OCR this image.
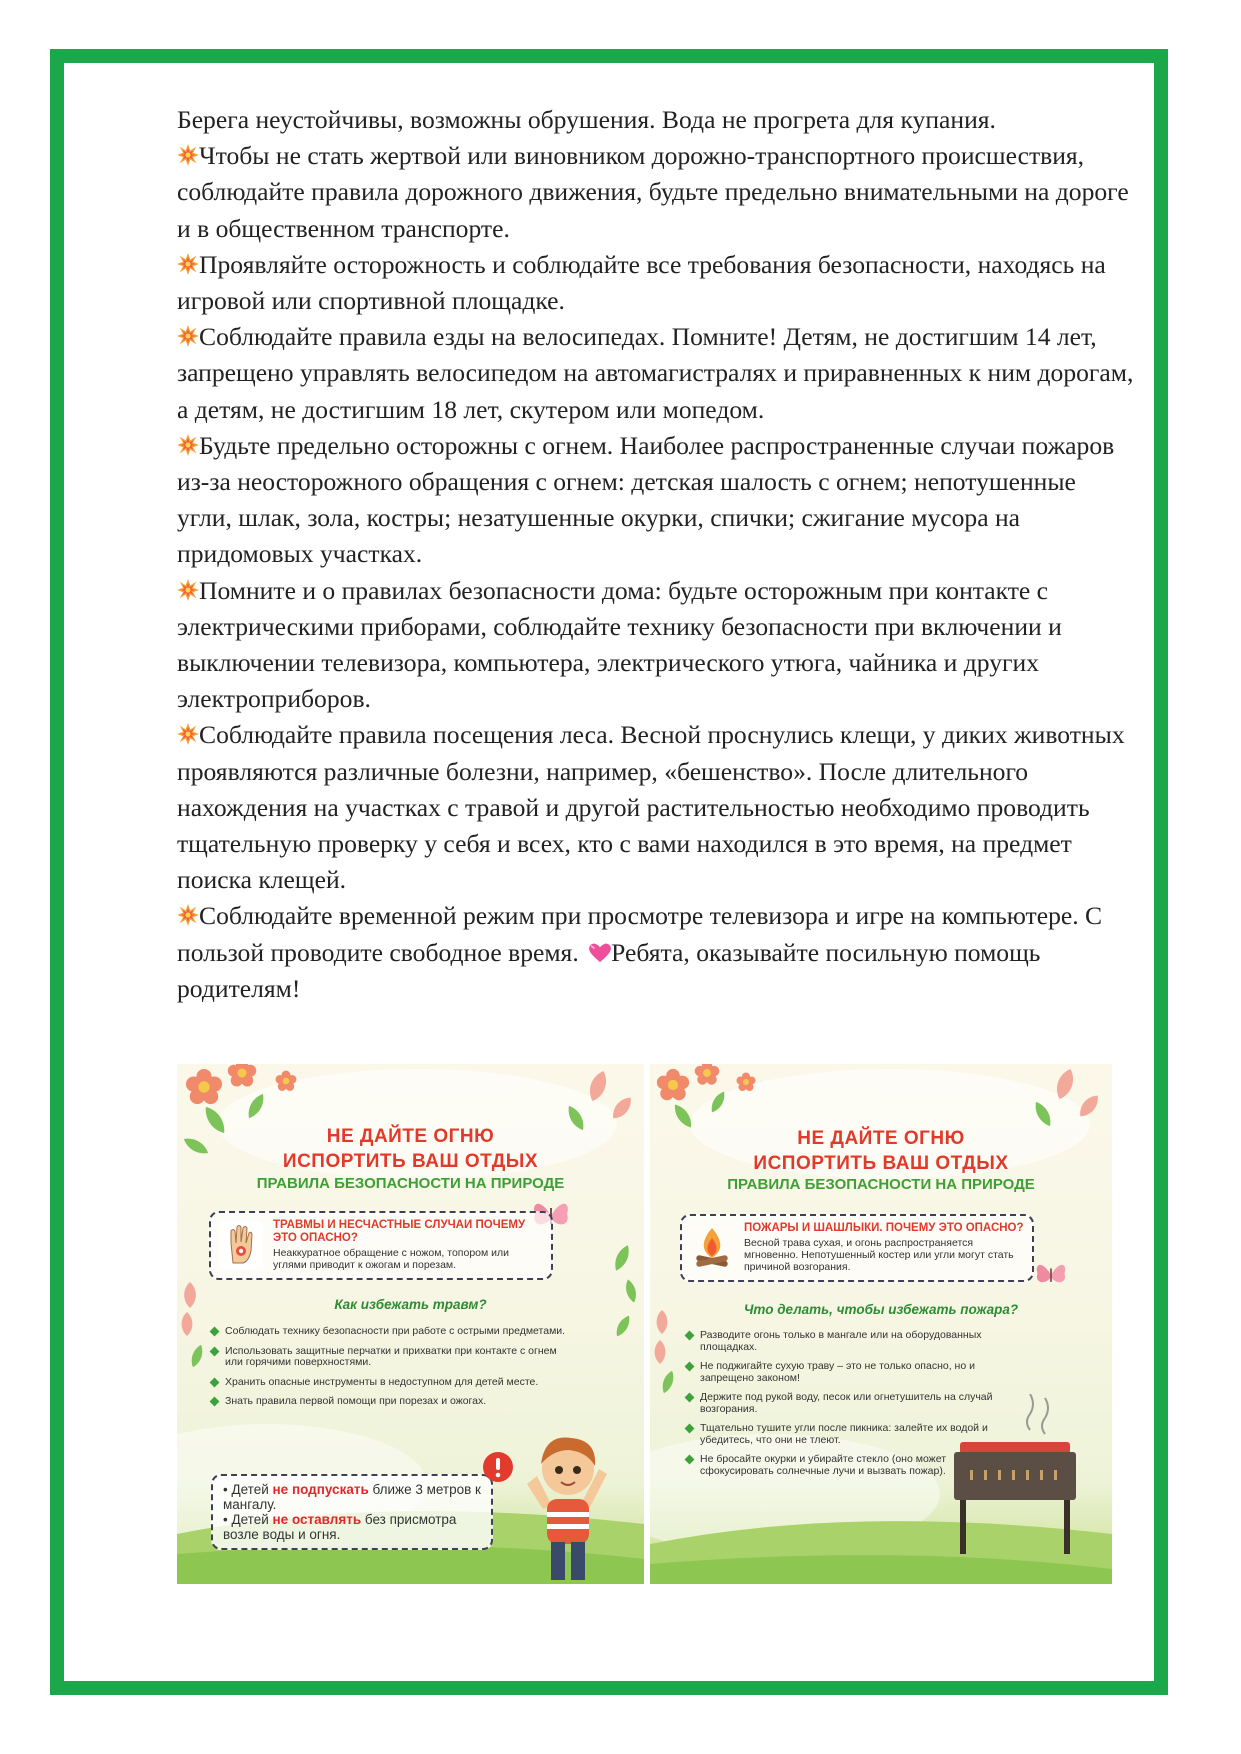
Берега неустойчивы, возможны обрушения. Вода не прогрета для купания.

Чтобы не стать жертвой или виновником дорожно-транспортного происшествия, соблюдайте правила дорожного движения, будьте предельно внимательными на дороге и в общественном транспорте.

Проявляйте осторожность и соблюдайте все требования безопасности, находясь на игровой или спортивной площадке.

Соблюдайте правила езды на велосипедах. Помните! Детям, не достигшим 14 лет, запрещено управлять велосипедом на автомагистралях и приравненных к ним дорогам, а детям, не достигшим 18 лет, скутером или мопедом.

Будьте предельно осторожны с огнем. Наиболее распространенные случаи пожаров из-за неосторожного обращения с огнем: детская шалость с огнем; непотушенные угли, шлак, зола, костры; незатушенные окурки, спички; сжигание мусора на придомовых участках.

Помните и о правилах безопасности дома: будьте осторожным при контакте с электрическими приборами, соблюдайте технику безопасности при включении и выключении телевизора, компьютера, электрического утюга, чайника и других электроприборов.

Соблюдайте правила посещения леса. Весной проснулись клещи, у диких животных проявляются различные болезни, например, «бешенство». После длительного нахождения на участках с травой и другой растительностью необходимо проводить тщательную проверку у себя и всех, кто с вами находился в это время, на предмет поиска клещей.

Соблюдайте временной режим при просмотре телевизора и игре на компьютере. С пользой проводите свободное время. Ребята, оказывайте посильную помощь родителям!

НЕ ДАЙТЕ ОГНЮ
ИСПОРТИТЬ ВАШ ОТДЫХ
ПРАВИЛА БЕЗОПАСНОСТИ НА ПРИРОДЕ
ТРАВМЫ И НЕСЧАСТНЫЕ СЛУЧАИ ПОЧЕМУ ЭТО ОПАСНО?
Неаккуратное обращение с ножом, топором или углями приводит к ожогам и порезам.
Как избежать травм?
Соблюдать технику безопасности при работе с острыми предметами.
Использовать защитные перчатки и прихватки при контакте с огнем или горячими поверхностями.
Хранить опасные инструменты в недоступном для детей месте.
Знать правила первой помощи при порезах и ожогах.
• Детей не подпускать ближе 3 метров к мангалу.
• Детей не оставлять без присмотра возле воды и огня.
НЕ ДАЙТЕ ОГНЮ
ИСПОРТИТЬ ВАШ ОТДЫХ
ПРАВИЛА БЕЗОПАСНОСТИ НА ПРИРОДЕ
ПОЖАРЫ И ШАШЛЫКИ. ПОЧЕМУ ЭТО ОПАСНО?
Весной трава сухая, и огонь распространяется мгновенно. Непотушенный костер или угли могут стать причиной возгорания.
Что делать, чтобы избежать пожара?
Разводите огонь только в мангале или на оборудованных площадках.
Не поджигайте сухую траву – это не только опасно, но и запрещено законом!
Держите под рукой воду, песок или огнетушитель на случай возгорания.
Тщательно тушите угли после пикника: залейте их водой и убедитесь, что они не тлеют.
Не бросайте окурки и убирайте стекло (оно может сфокусировать солнечные лучи и вызвать пожар).
